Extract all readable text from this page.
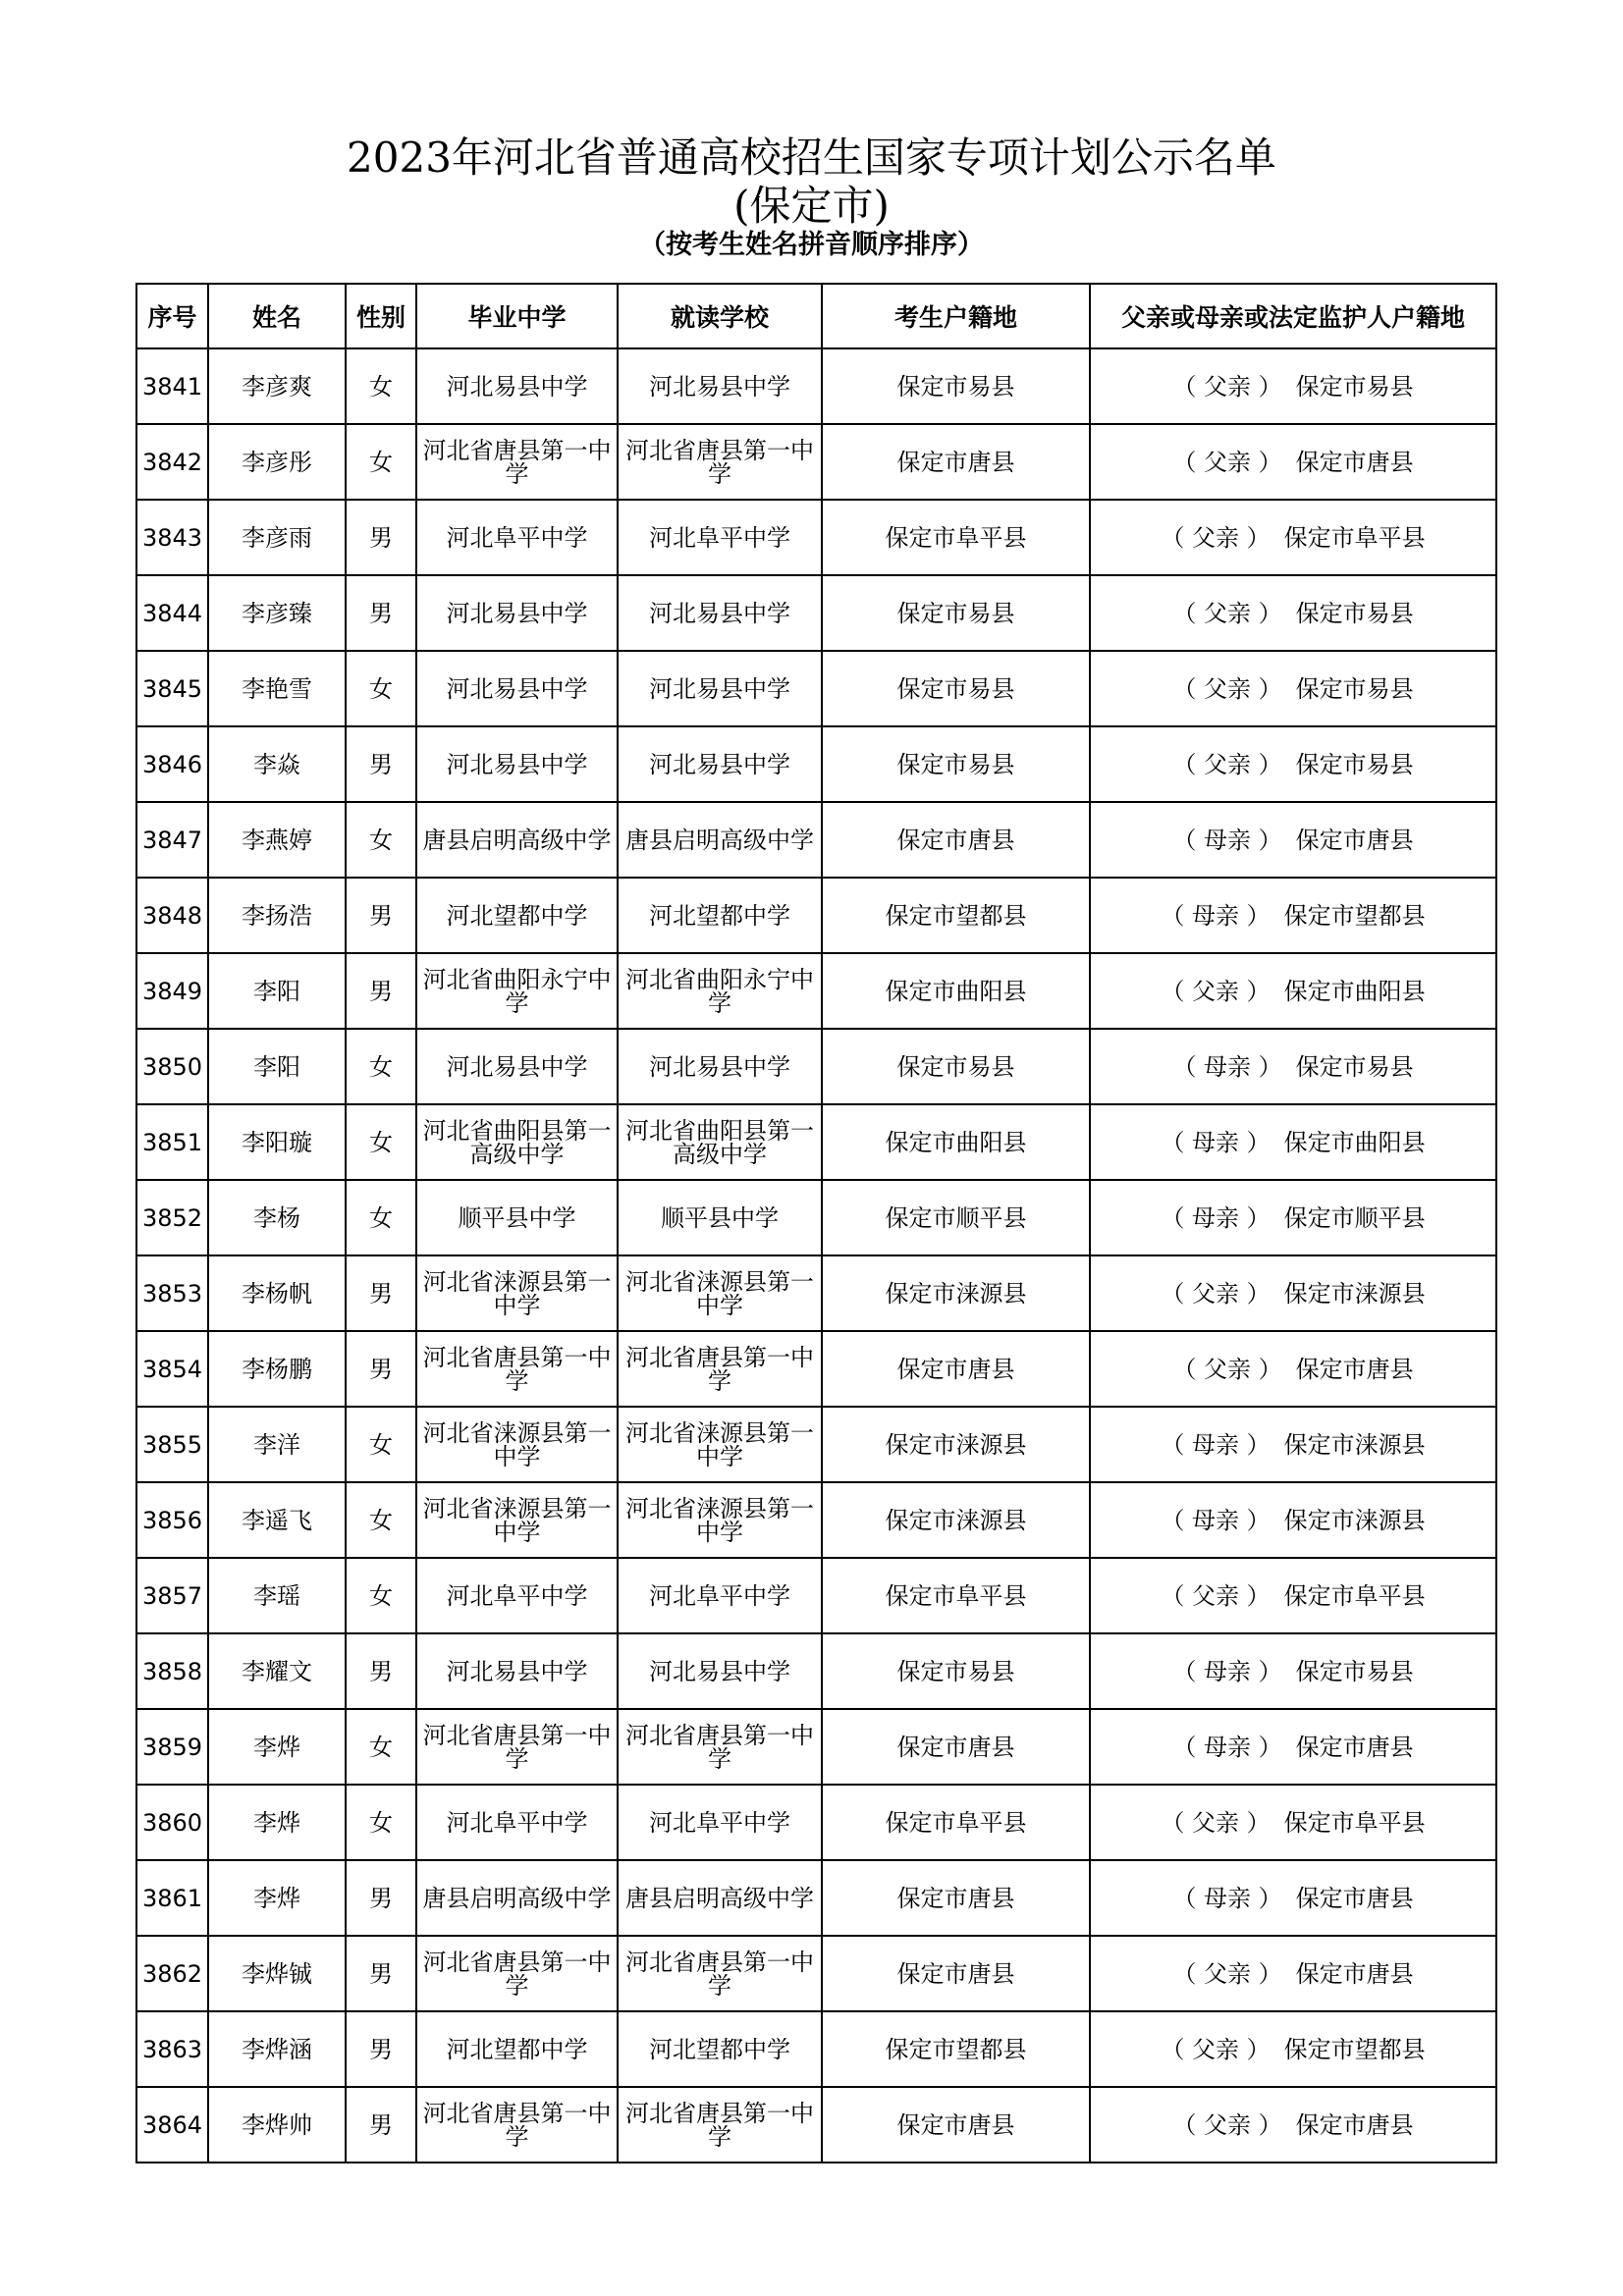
2023年河北省普通高校招生国家专项计划公示名单
(保定市)
（按考生姓名拼音顺序排序）
序号	姓名	性别	毕业中学	就读学校	考生户籍地	父亲或母亲或法定监护人户籍地
3841	李彦爽	女	河北易县中学	河北易县中学	保定市易县	（ 父亲 ） 保定市易县
3842	李彦彤	女	河北省唐县第一中学	河北省唐县第一中学	保定市唐县	（ 父亲 ） 保定市唐县
3843	李彦雨	男	河北阜平中学	河北阜平中学	保定市阜平县	（ 父亲 ） 保定市阜平县
3844	李彦臻	男	河北易县中学	河北易县中学	保定市易县	（ 父亲 ） 保定市易县
3845	李艳雪	女	河北易县中学	河北易县中学	保定市易县	（ 父亲 ） 保定市易县
3846	李焱	男	河北易县中学	河北易县中学	保定市易县	（ 父亲 ） 保定市易县
3847	李燕婷	女	唐县启明高级中学	唐县启明高级中学	保定市唐县	（ 母亲 ） 保定市唐县
3848	李扬浩	男	河北望都中学	河北望都中学	保定市望都县	（ 母亲 ） 保定市望都县
3849	李阳	男	河北省曲阳永宁中学	河北省曲阳永宁中学	保定市曲阳县	（ 父亲 ） 保定市曲阳县
3850	李阳	女	河北易县中学	河北易县中学	保定市易县	（ 母亲 ） 保定市易县
3851	李阳璇	女	河北省曲阳县第一高级中学	河北省曲阳县第一高级中学	保定市曲阳县	（ 母亲 ） 保定市曲阳县
3852	李杨	女	顺平县中学	顺平县中学	保定市顺平县	（ 母亲 ） 保定市顺平县
3853	李杨帆	男	河北省涞源县第一中学	河北省涞源县第一中学	保定市涞源县	（ 父亲 ） 保定市涞源县
3854	李杨鹏	男	河北省唐县第一中学	河北省唐县第一中学	保定市唐县	（ 父亲 ） 保定市唐县
3855	李洋	女	河北省涞源县第一中学	河北省涞源县第一中学	保定市涞源县	（ 母亲 ） 保定市涞源县
3856	李遥飞	女	河北省涞源县第一中学	河北省涞源县第一中学	保定市涞源县	（ 母亲 ） 保定市涞源县
3857	李瑶	女	河北阜平中学	河北阜平中学	保定市阜平县	（ 父亲 ） 保定市阜平县
3858	李耀文	男	河北易县中学	河北易县中学	保定市易县	（ 母亲 ） 保定市易县
3859	李烨	女	河北省唐县第一中学	河北省唐县第一中学	保定市唐县	（ 母亲 ） 保定市唐县
3860	李烨	女	河北阜平中学	河北阜平中学	保定市阜平县	（ 父亲 ） 保定市阜平县
3861	李烨	男	唐县启明高级中学	唐县启明高级中学	保定市唐县	（ 母亲 ） 保定市唐县
3862	李烨铖	男	河北省唐县第一中学	河北省唐县第一中学	保定市唐县	（ 父亲 ） 保定市唐县
3863	李烨涵	男	河北望都中学	河北望都中学	保定市望都县	（ 父亲 ） 保定市望都县
3864	李烨帅	男	河北省唐县第一中学	河北省唐县第一中学	保定市唐县	（ 父亲 ） 保定市唐县
